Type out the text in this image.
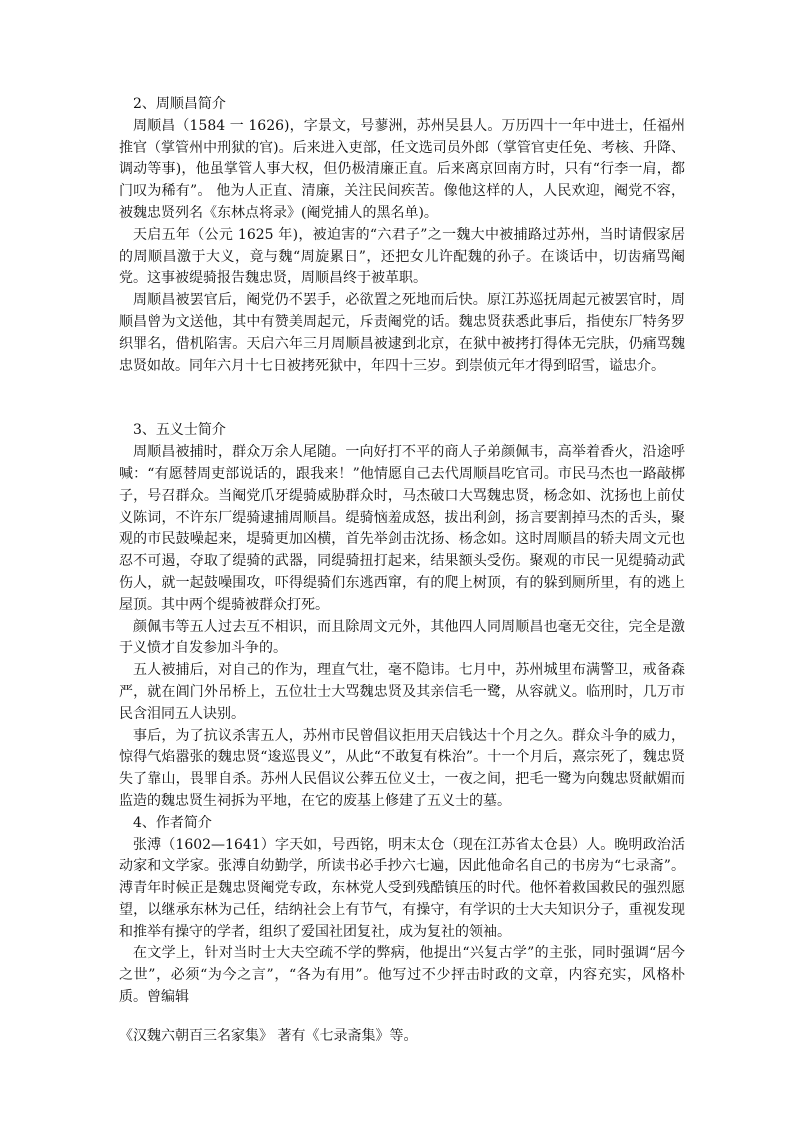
2、周顺昌简介

周顺昌（1584 一 1626)，字景文，号蓼洲，苏州吴县人。万历四十一年中进士，任福州推官（掌管州中刑狱的官)。后来进入吏部，任文选司员外郎（掌管官吏任免、考核、升降、调动等事)，他虽掌管人事大权，但仍极清廉正直。后来离京回南方时，只有“行李一肩，都门叹为稀有”。 他为人正直、清廉，关注民间疾苦。像他这样的人，人民欢迎，阉党不容，被魏忠贤列名《东林点将录》(阉党捕人的黑名单)。

天启五年（公元 1625 年)，被迫害的“六君子”之一魏大中被捕路过苏州，当时请假家居的周顺昌激于大义，竟与魏“周旋累日”，还把女儿许配魏的孙子。在谈话中，切齿痛骂阉党。这事被缇骑报告魏忠贤，周顺昌终于被革职。

周顺昌被罢官后，阉党仍不罢手，必欲置之死地而后快。原江苏巡抚周起元被罢官时，周顺昌曾为文送他，其中有赞美周起元，斥责阉党的话。魏忠贤获悉此事后，指使东厂特务罗织罪名，借机陷害。天启六年三月周顺昌被逮到北京，在狱中被拷打得体无完肤，仍痛骂魏忠贤如故。同年六月十七日被拷死狱中，年四十三岁。到崇侦元年才得到昭雪，谥忠介。

3、五义士简介

周顺昌被捕时，群众万余人尾随。一向好打不平的商人子弟颜佩韦，高举着香火，沿途呼喊：“有愿替周吏部说话的，跟我来！”他情愿自己去代周顺昌吃官司。市民马杰也一路敲梆子，号召群众。当阉党爪牙缇骑威胁群众时，马杰破口大骂魏忠贤，杨念如、沈扬也上前仗义陈词，不许东厂缇骑逮捕周顺昌。缇骑恼羞成怒，拔出利剑，扬言要割掉马杰的舌头，聚观的市民鼓噪起来，堤骑更加凶横，首先举剑击沈扬、杨念如。这时周顺昌的轿夫周文元也忍不可遏，夺取了缇骑的武器，同缇骑扭打起来，结果额头受伤。聚观的市民一见缇骑动武伤人，就一起鼓噪围攻，吓得缇骑们东逃西窜，有的爬上树顶，有的躲到厕所里，有的逃上屋顶。其中两个缇骑被群众打死。

颜佩韦等五人过去互不相识，而且除周文元外，其他四人同周顺昌也毫无交往，完全是激于义愤才自发参加斗争的。

五人被捕后，对自己的作为，理直气壮，毫不隐讳。七月中，苏州城里布满警卫，戒备森严，就在阊门外吊桥上，五位壮士大骂魏忠贤及其亲信毛一鹭，从容就义。临刑时，几万市民含泪同五人诀别。

事后，为了抗议杀害五人，苏州市民曾倡议拒用天启钱达十个月之久。群众斗争的威力，惊得气焰嚣张的魏忠贤“逡巡畏义”，从此“不敢复有株治”。十一个月后，熹宗死了，魏忠贤失了靠山，畏罪自杀。苏州人民倡议公葬五位义士，一夜之间，把毛一鹭为向魏忠贤献媚而监造的魏忠贤生祠拆为平地，在它的废基上修建了五义士的墓。

4、作者简介

张溥（1602—1641）字天如，号西铭，明末太仓（现在江苏省太仓县）人。晚明政治活动家和文学家。张溥自幼勤学，所读书必手抄六七遍，因此他命名自己的书房为“七录斋”。溥青年时候正是魏忠贤阉党专政，东林党人受到残酷镇压的时代。他怀着救国救民的强烈愿望，以继承东林为己任，结纳社会上有节气，有操守，有学识的士大夫知识分子，重视发现和推举有操守的学者，组织了爱国社团复社，成为复社的领袖。

在文学上，针对当时士大夫空疏不学的弊病，他提出“兴复古学”的主张，同时强调“居今之世”，必须“为今之言”，“各为有用”。他写过不少抨击时政的文章，内容充实，风格朴质。曾编辑

《汉魏六朝百三名家集》 著有《七录斋集》等。
